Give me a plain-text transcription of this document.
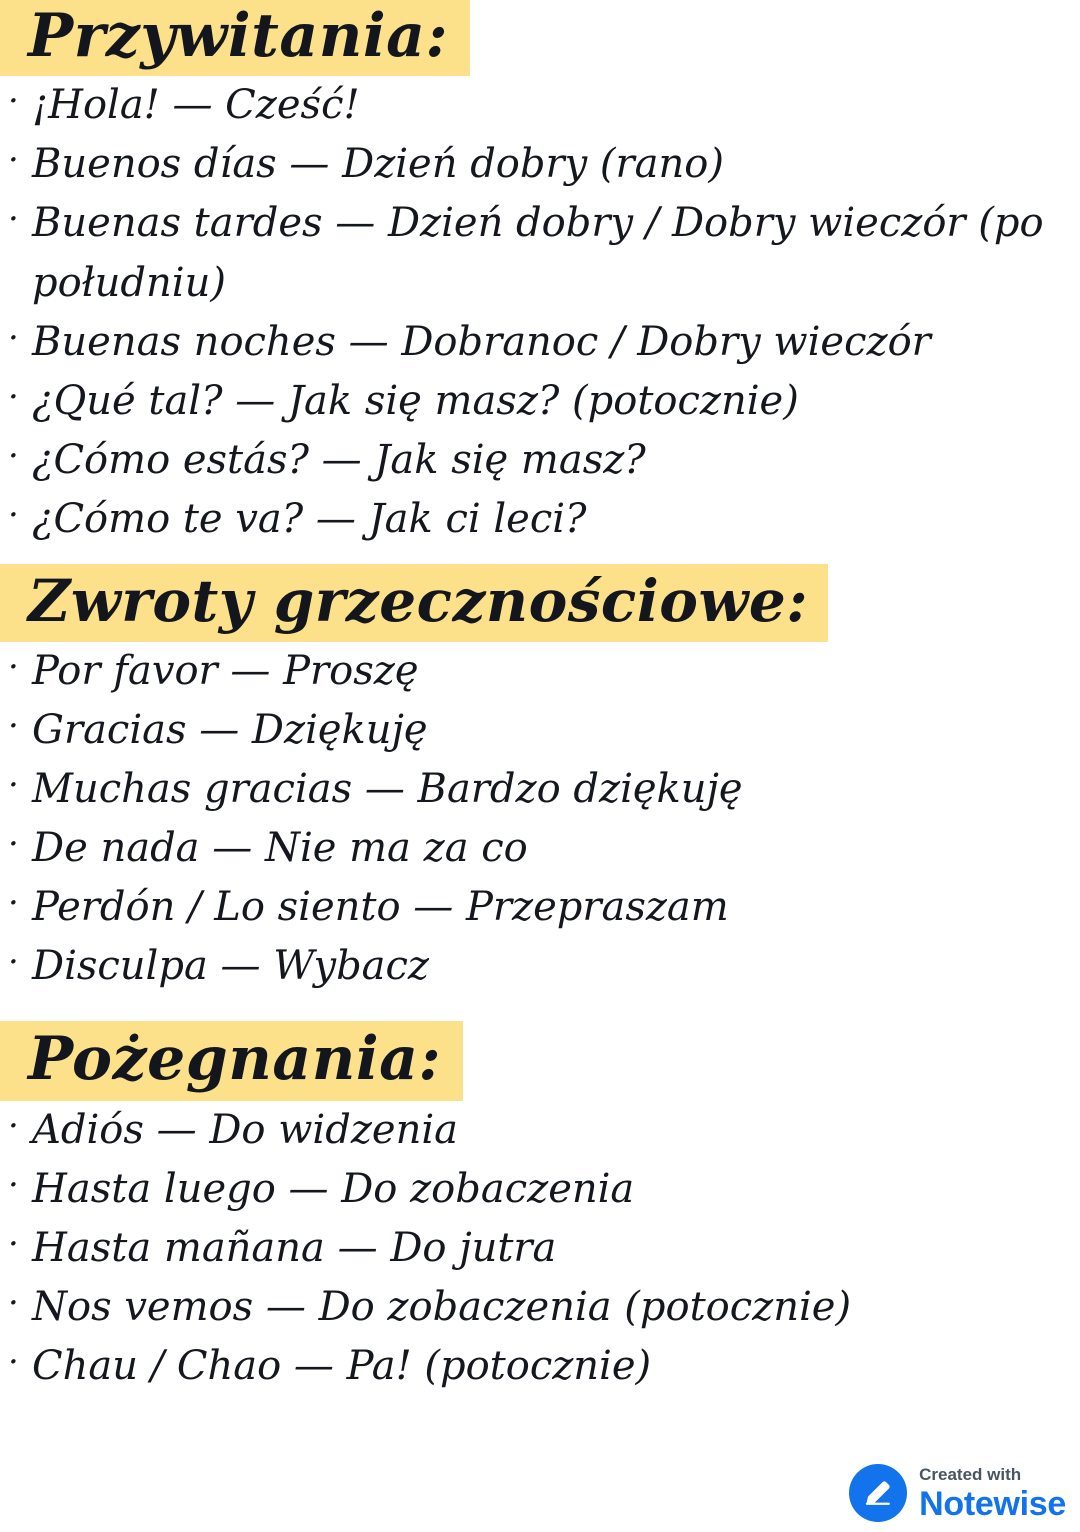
Przywitania:
· ¡Hola! — Cześć!
· Buenos días — Dzień dobry (rano)
· Buenas tardes — Dzień dobry / Dobry wieczór (po południu)
· Buenas noches — Dobranoc / Dobry wieczór
· ¿Qué tal? — Jak się masz? (potocznie)
· ¿Cómo estás? — Jak się masz?
· ¿Cómo te va? — Jak ci leci?
Zwroty grzecznościowe:
· Por favor — Proszę
· Gracias — Dziękuję
· Muchas gracias — Bardzo dziękuję
· De nada — Nie ma za co
· Perdón / Lo siento — Przepraszam
· Disculpa — Wybacz
Pożegnania:
· Adiós — Do widzenia
· Hasta luego — Do zobaczenia
· Hasta mañana — Do jutra
· Nos vemos — Do zobaczenia (potocznie)
· Chau / Chao — Pa! (potocznie)
Created with
Notewise
